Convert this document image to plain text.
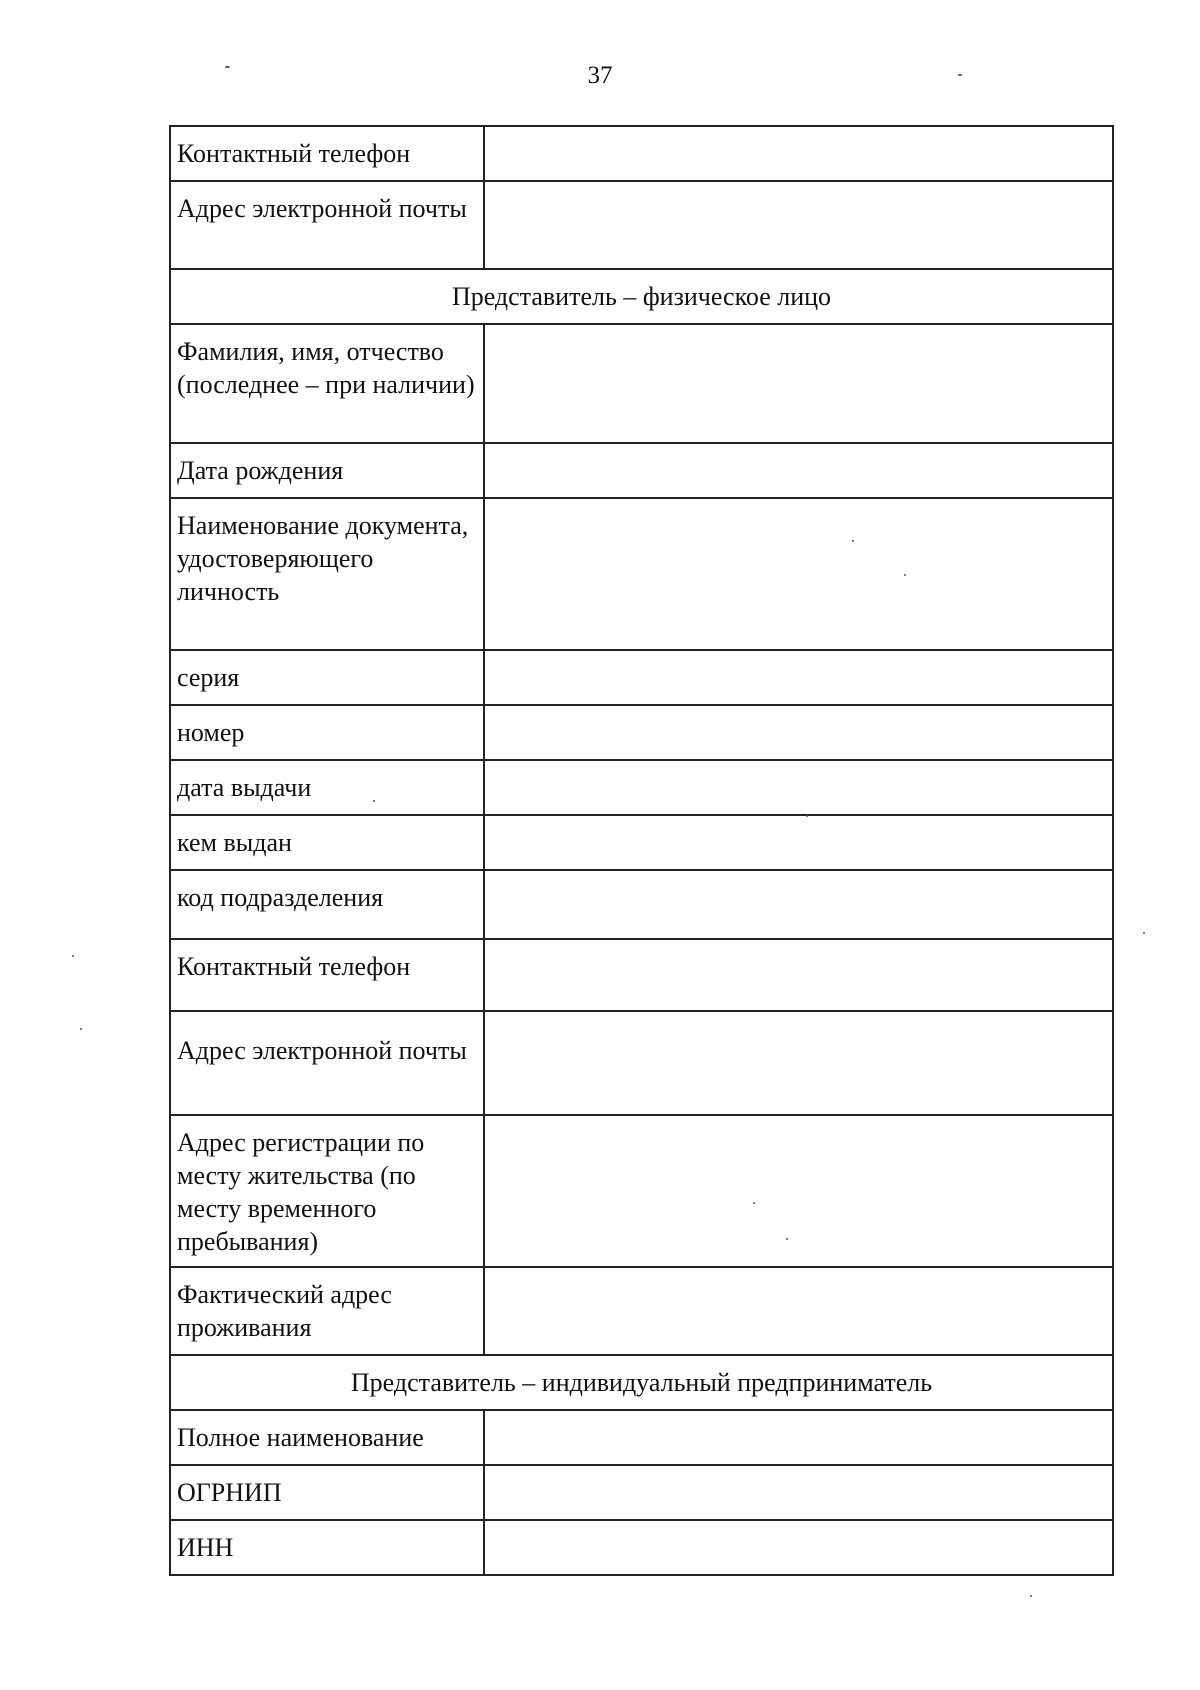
37
Контактный телефон	
Адрес электронной почты	
Представитель – физическое лицо	
Фамилия, имя, отчество (последнее – при наличии)	
Дата рождения	
Наименование документа, удостоверяющего личность	
серия	
номер	
дата выдачи	
кем выдан	
код подразделения	
Контактный телефон	
Адрес электронной почты	
Адрес регистрации по месту жительства (по месту временного пребывания)	
Фактический адрес проживания	
Представитель – индивидуальный предприниматель	
Полное наименование	
ОГРНИП	
ИНН	
